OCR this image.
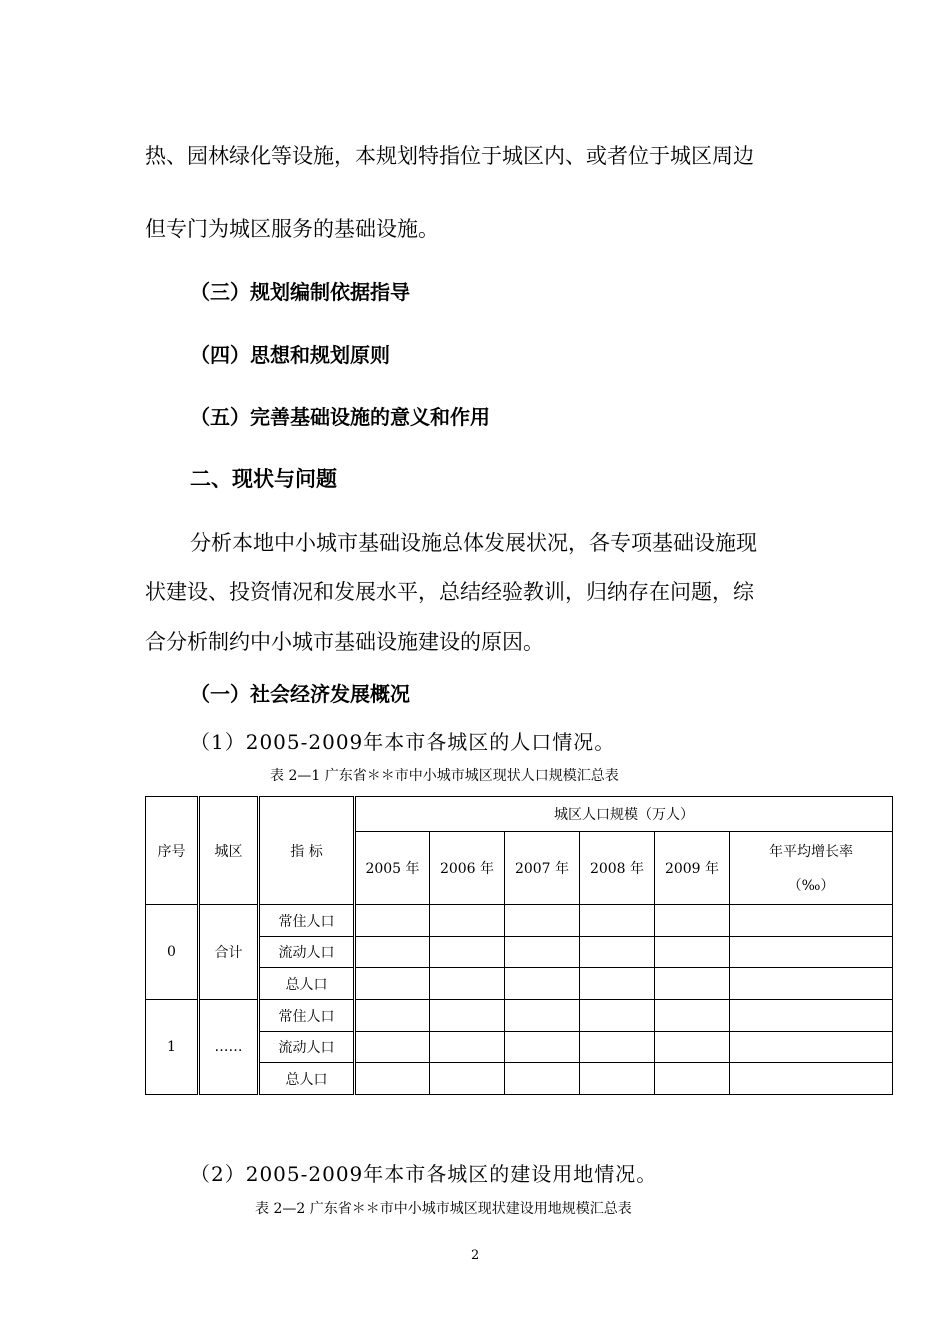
热、园林绿化等设施，本规划特指位于城区内、或者位于城区周边
但专门为城区服务的基础设施。
（三）规划编制依据指导
（四）思想和规划原则
（五）完善基础设施的意义和作用
二、现状与问题
分析本地中小城市基础设施总体发展状况，各专项基础设施现
状建设、投资情况和发展水平，总结经验教训，归纳存在问题，综
合分析制约中小城市基础设施建设的原因。
（一）社会经济发展概况
（1）2005-2009年本市各城区的人口情况。
表 2—1 广东省＊＊市中小城市城区现状人口规模汇总表
序号	城区	指 标	城区人口规模（万人）					
			2005 年	2006 年	2007 年	2008 年	2009 年	年平均增长率
（‰）

0	合计	常住人口						
		流动人口						
		总人口						
1	……	常住人口						
		流动人口						
		总人口						
（2）2005-2009年本市各城区的建设用地情况。
表 2—2 广东省＊＊市中小城市城区现状建设用地规模汇总表
2
